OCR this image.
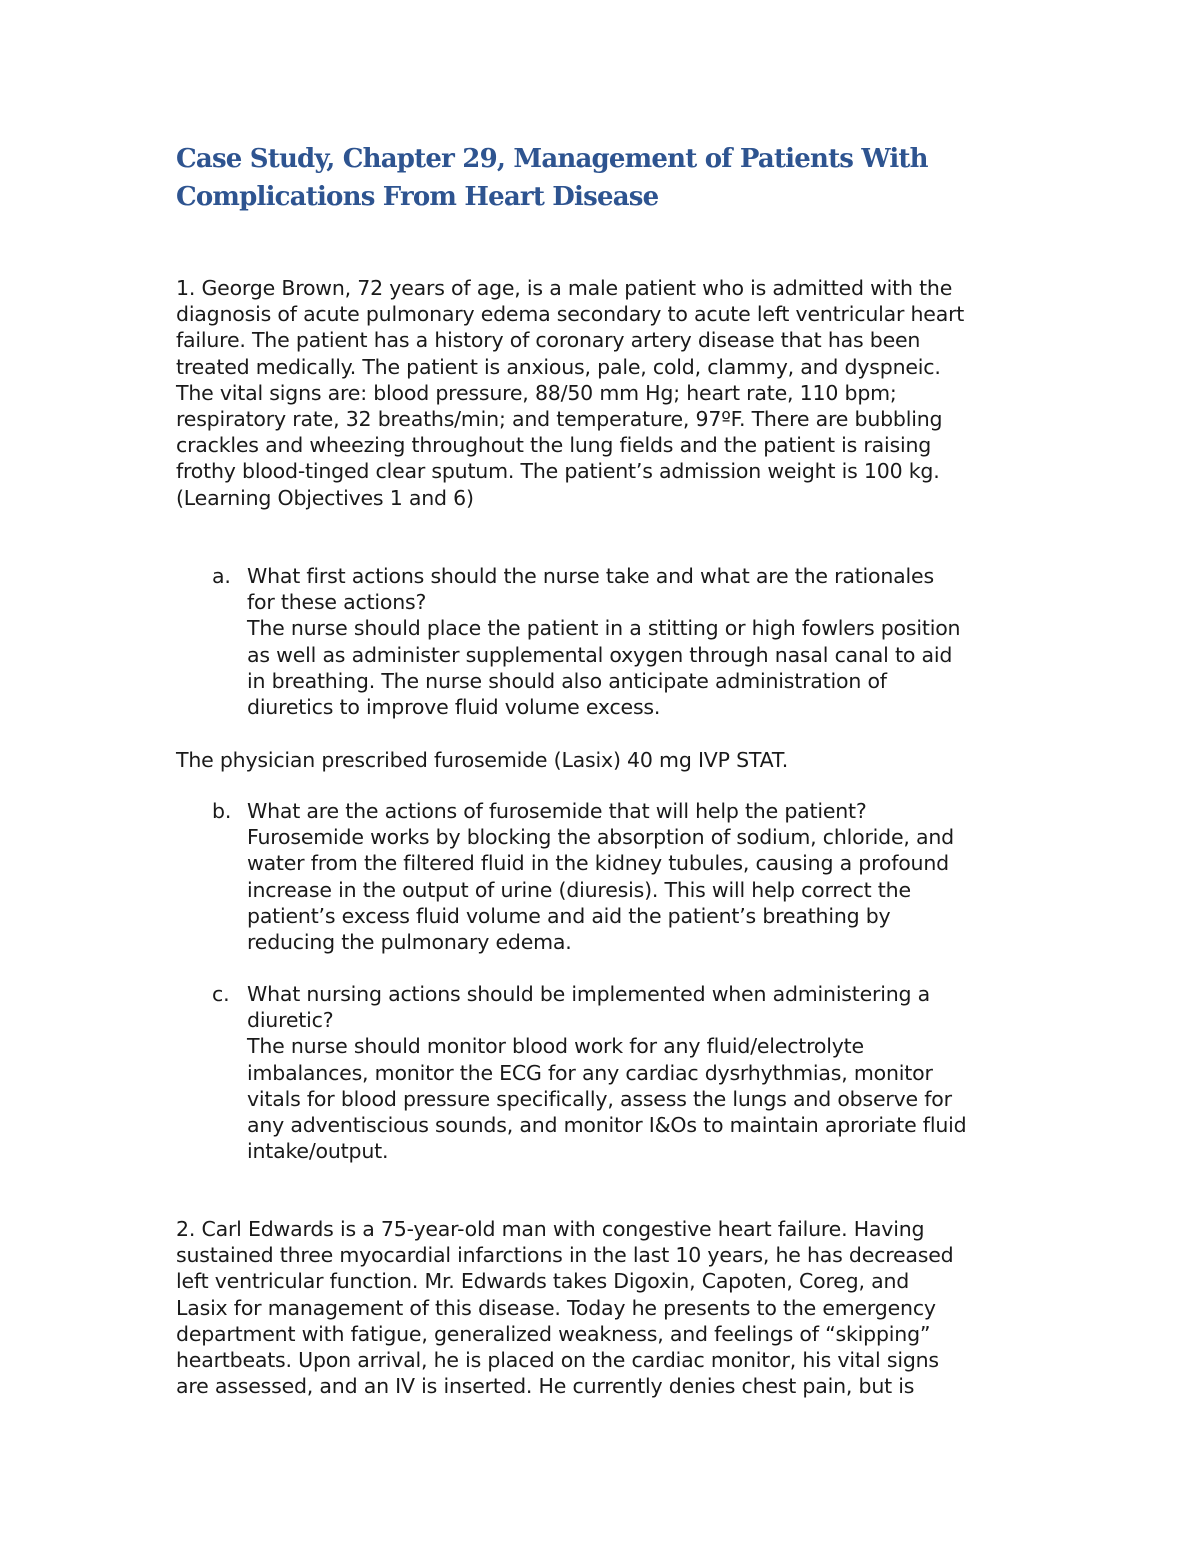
Case Study, Chapter 29, Management of Patients With
Complications From Heart Disease
1. George Brown, 72 years of age, is a male patient who is admitted with the
diagnosis of acute pulmonary edema secondary to acute left ventricular heart
failure. The patient has a history of coronary artery disease that has been
treated medically. The patient is anxious, pale, cold, clammy, and dyspneic.
The vital signs are: blood pressure, 88/50 mm Hg; heart rate, 110 bpm;
respiratory rate, 32 breaths/min; and temperature, 97ºF. There are bubbling
crackles and wheezing throughout the lung fields and the patient is raising
frothy blood-tinged clear sputum. The patient’s admission weight is 100 kg.
(Learning Objectives 1 and 6)
a. What first actions should the nurse take and what are the rationales
for these actions?
The nurse should place the patient in a stitting or high fowlers position
as well as administer supplemental oxygen through nasal canal to aid
in breathing. The nurse should also anticipate administration of
diuretics to improve fluid volume excess.
The physician prescribed furosemide (Lasix) 40 mg IVP STAT.
b. What are the actions of furosemide that will help the patient?
Furosemide works by blocking the absorption of sodium, chloride, and
water from the filtered fluid in the kidney tubules, causing a profound
increase in the output of urine (diuresis). This will help correct the
patient’s excess fluid volume and aid the patient’s breathing by
reducing the pulmonary edema.
c. What nursing actions should be implemented when administering a
diuretic?
The nurse should monitor blood work for any fluid/electrolyte
imbalances, monitor the ECG for any cardiac dysrhythmias, monitor
vitals for blood pressure specifically, assess the lungs and observe for
any adventiscious sounds, and monitor I&Os to maintain aproriate fluid
intake/output.
2. Carl Edwards is a 75-year-old man with congestive heart failure. Having
sustained three myocardial infarctions in the last 10 years, he has decreased
left ventricular function. Mr. Edwards takes Digoxin, Capoten, Coreg, and
Lasix for management of this disease. Today he presents to the emergency
department with fatigue, generalized weakness, and feelings of “skipping”
heartbeats. Upon arrival, he is placed on the cardiac monitor, his vital signs
are assessed, and an IV is inserted. He currently denies chest pain, but is
